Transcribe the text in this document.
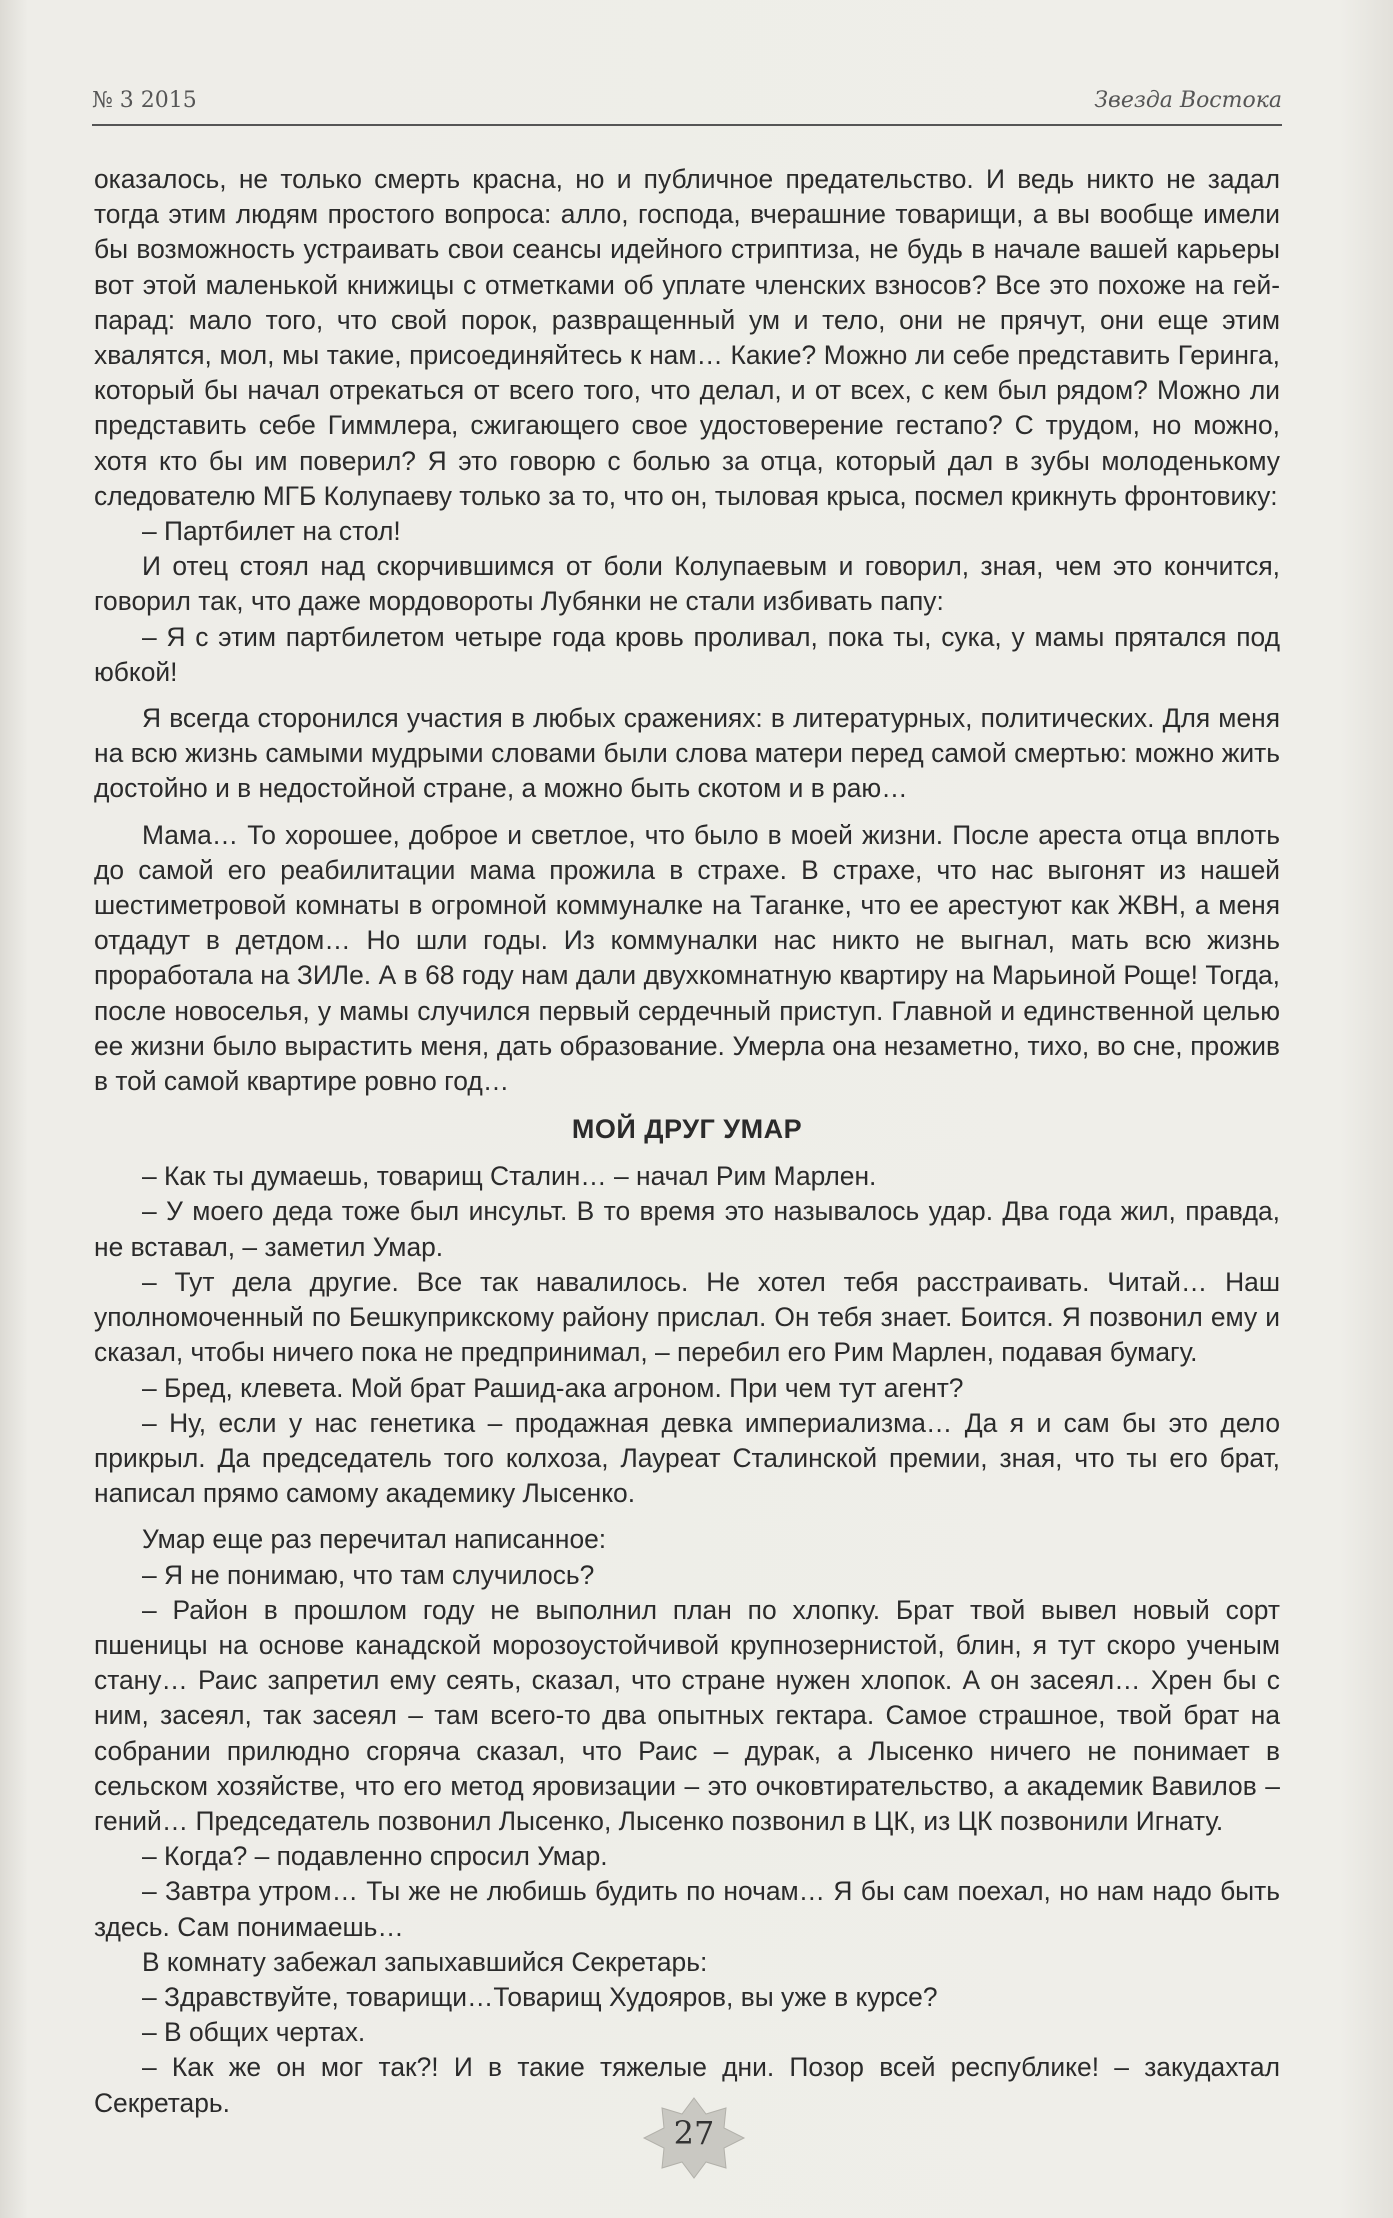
№ 3 2015	Звезда Востока

оказалось, не только смерть красна, но и публичное предательство. И ведь никто не задал тогда этим людям простого вопроса: алло, господа, вчерашние товарищи, а вы вообще имели бы возможность устраивать свои сеансы идейного стриптиза, не будь в начале вашей карьеры вот этой маленькой книжицы с отметками об уплате членских взносов? Все это похоже на гей-парад: мало того, что свой порок, развращенный ум и тело, они не прячут, они еще этим хвалятся, мол, мы такие, присоединяйтесь к нам… Какие? Можно ли себе представить Геринга, который бы начал отрекаться от всего того, что делал, и от всех, с кем был рядом? Можно ли представить себе Гиммлера, сжигающего свое удостоверение гестапо? С трудом, но можно, хотя кто бы им поверил? Я это говорю с болью за отца, который дал в зубы молоденькому следователю МГБ Колупаеву только за то, что он, тыловая крыса, посмел крикнуть фронтовику:

– Партбилет на стол!

И отец стоял над скорчившимся от боли Колупаевым и говорил, зная, чем это кончится, говорил так, что даже мордовороты Лубянки не стали избивать папу:

– Я с этим партбилетом четыре года кровь проливал, пока ты, сука, у мамы прятался под юбкой!

Я всегда сторонился участия в любых сражениях: в литературных, политических. Для меня на всю жизнь самыми мудрыми словами были слова матери перед самой смертью: можно жить достойно и в недостойной стране, а можно быть скотом и в раю…

Мама… То хорошее, доброе и светлое, что было в моей жизни. После ареста отца вплоть до самой его реабилитации мама прожила в страхе. В страхе, что нас выгонят из нашей шестиметровой комнаты в огромной коммуналке на Таганке, что ее арестуют как ЖВН, а меня отдадут в детдом… Но шли годы. Из коммуналки нас никто не выгнал, мать всю жизнь проработала на ЗИЛе. А в 68 году нам дали двухкомнатную квартиру на Марьиной Роще! Тогда, после новоселья, у мамы случился первый сердечный приступ. Главной и единственной целью ее жизни было вырастить меня, дать образование. Умерла она незаметно, тихо, во сне, прожив в той самой квартире ровно год…

МОЙ ДРУГ УМАР

– Как ты думаешь, товарищ Сталин… – начал Рим Марлен.

– У моего деда тоже был инсульт. В то время это называлось удар. Два года жил, правда, не вставал, – заметил Умар.

– Тут дела другие. Все так навалилось. Не хотел тебя расстраивать. Читай… Наш уполномоченный по Бешкуприкскому району прислал. Он тебя знает. Боится. Я позвонил ему и сказал, чтобы ничего пока не предпринимал, – перебил его Рим Марлен, подавая бумагу.

– Бред, клевета. Мой брат Рашид-ака агроном. При чем тут агент?

– Ну, если у нас генетика – продажная девка империализма… Да я и сам бы это дело прикрыл. Да председатель того колхоза, Лауреат Сталинской премии, зная, что ты его брат, написал прямо самому академику Лысенко.

Умар еще раз перечитал написанное:

– Я не понимаю, что там случилось?

– Район в прошлом году не выполнил план по хлопку. Брат твой вывел новый сорт пшеницы на основе канадской морозоустойчивой крупнозернистой, блин, я тут скоро ученым стану… Раис запретил ему сеять, сказал, что стране нужен хлопок. А он засеял… Хрен бы с ним, засеял, так засеял – там всего-то два опытных гектара. Самое страшное, твой брат на собрании прилюдно сгоряча сказал, что Раис – дурак, а Лысенко ничего не понимает в сельском хозяйстве, что его метод яровизации – это очковтирательство, а академик Вавилов – гений… Председатель позвонил Лысенко, Лысенко позвонил в ЦК, из ЦК позвонили Игнату.

– Когда? – подавленно спросил Умар.

– Завтра утром… Ты же не любишь будить по ночам… Я бы сам поехал, но нам надо быть здесь. Сам понимаешь…

В комнату забежал запыхавшийся Секретарь:

– Здравствуйте, товарищи…Товарищ Худояров, вы уже в курсе?

– В общих чертах.

– Как же он мог так?! И в такие тяжелые дни. Позор всей республике! – закудахтал Секретарь.

27
